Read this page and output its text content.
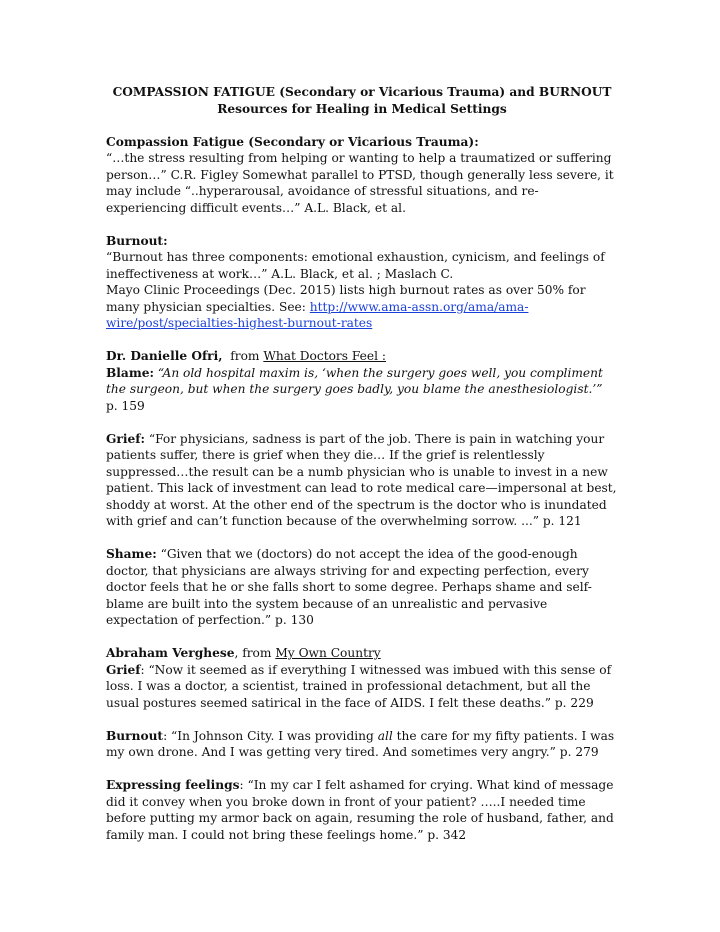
COMPASSION FATIGUE (Secondary or Vicarious Trauma) and BURNOUT
Resources for Healing in Medical Settings

Compassion Fatigue (Secondary or Vicarious Trauma):

“…the stress resulting from helping or wanting to help a traumatized or suffering person…” C.R. Figley Somewhat parallel to PTSD, though generally less severe, it may include “..hyperarousal, avoidance of stressful situations, and re-experiencing difficult events…” A.L. Black, et al.

Burnout:

“Burnout has three components: emotional exhaustion, cynicism, and feelings of ineffectiveness at work…” A.L. Black, et al. ; Maslach C.

Mayo Clinic Proceedings (Dec. 2015) lists high burnout rates as over 50% for many physician specialties. See: http://www.ama-assn.org/ama/ama-wire/post/specialties-highest-burnout-rates

Dr. Danielle Ofri, from What Doctors Feel :

Blame: “An old hospital maxim is, ‘when the surgery goes well, you compliment the surgeon, but when the surgery goes badly, you blame the anesthesiologist.’” p. 159

Grief: “For physicians, sadness is part of the job. There is pain in watching your patients suffer, there is grief when they die… If the grief is relentlessly suppressed…the result can be a numb physician who is unable to invest in a new patient. This lack of investment can lead to rote medical care—impersonal at best, shoddy at worst. At the other end of the spectrum is the doctor who is inundated with grief and can’t function because of the overwhelming sorrow. ...” p. 121

Shame: “Given that we (doctors) do not accept the idea of the good-enough doctor, that physicians are always striving for and expecting perfection, every doctor feels that he or she falls short to some degree. Perhaps shame and self-blame are built into the system because of an unrealistic and pervasive expectation of perfection.” p. 130

Abraham Verghese, from My Own Country

Grief: “Now it seemed as if everything I witnessed was imbued with this sense of loss. I was a doctor, a scientist, trained in professional detachment, but all the usual postures seemed satirical in the face of AIDS. I felt these deaths.” p. 229

Burnout: “In Johnson City. I was providing all the care for my fifty patients. I was my own drone. And I was getting very tired. And sometimes very angry.” p. 279

Expressing feelings: “In my car I felt ashamed for crying. What kind of message did it convey when you broke down in front of your patient? …..I needed time before putting my armor back on again, resuming the role of husband, father, and family man. I could not bring these feelings home.” p. 342
